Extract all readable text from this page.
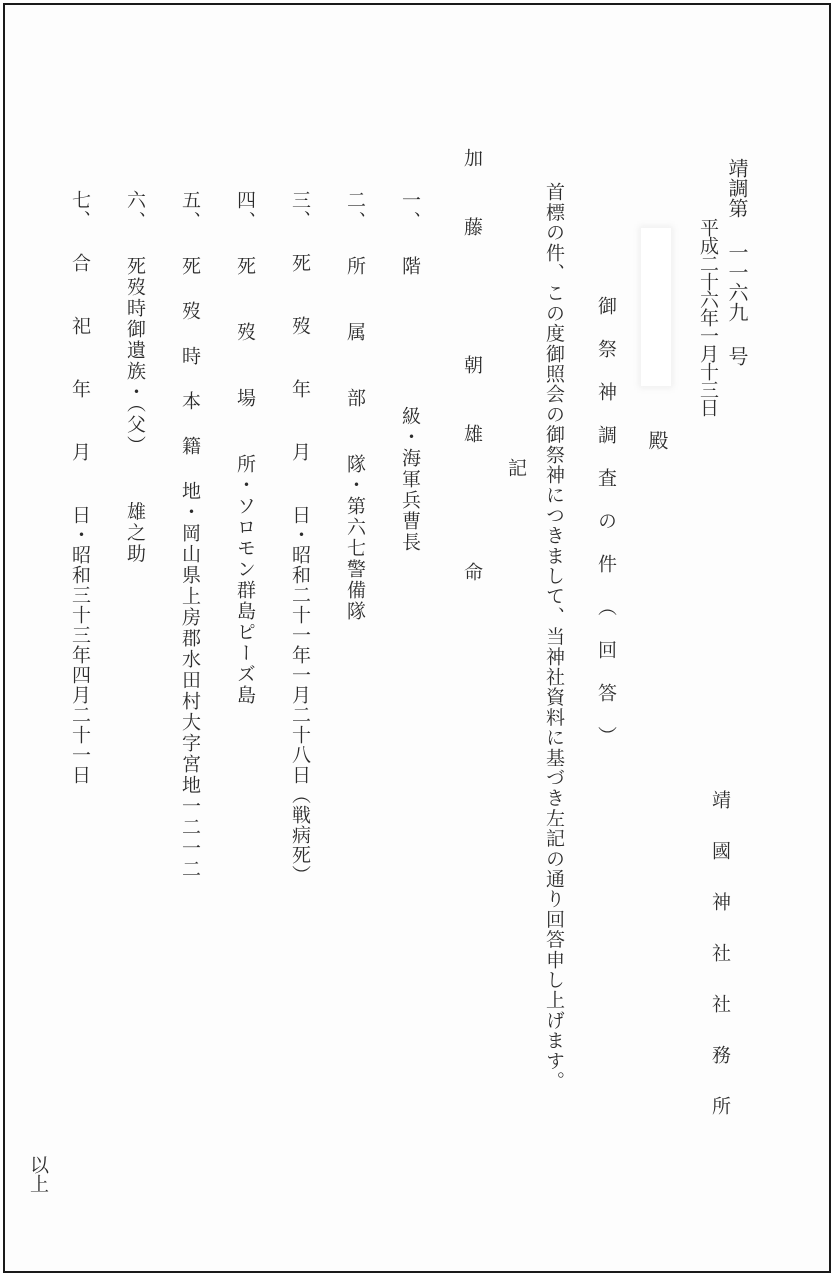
靖調第 一一六九 号
平成二十六年一月十三日
殿
靖 國 神 社 社 務 所
御 祭 神 調 査 の 件 （ 回 答 ）
首標の件、この度御照会の御祭神につきまして、当神社資料に基づき左記の通り回答申し上げます。
記
加 藤 　 朝 雄 　 命
一、 階 　　　　　級・海軍兵曹長
二、 所 　属 　部 　隊・第六七警備隊
三、 死 　歿 　年 　月 　日・昭和二十一年一月二十八日（戦病死）
四、 死 　歿 　場 　所・ソロモン群島ピーズ島
五、 死 歿 時 本 籍 地・岡山県上房郡水田村大字宮地一二一二
六、 死歿時御遺族・（父） 　雄之助
七、 合 　祀 　年 　月 　日・昭和三十三年四月二十一日
以上
